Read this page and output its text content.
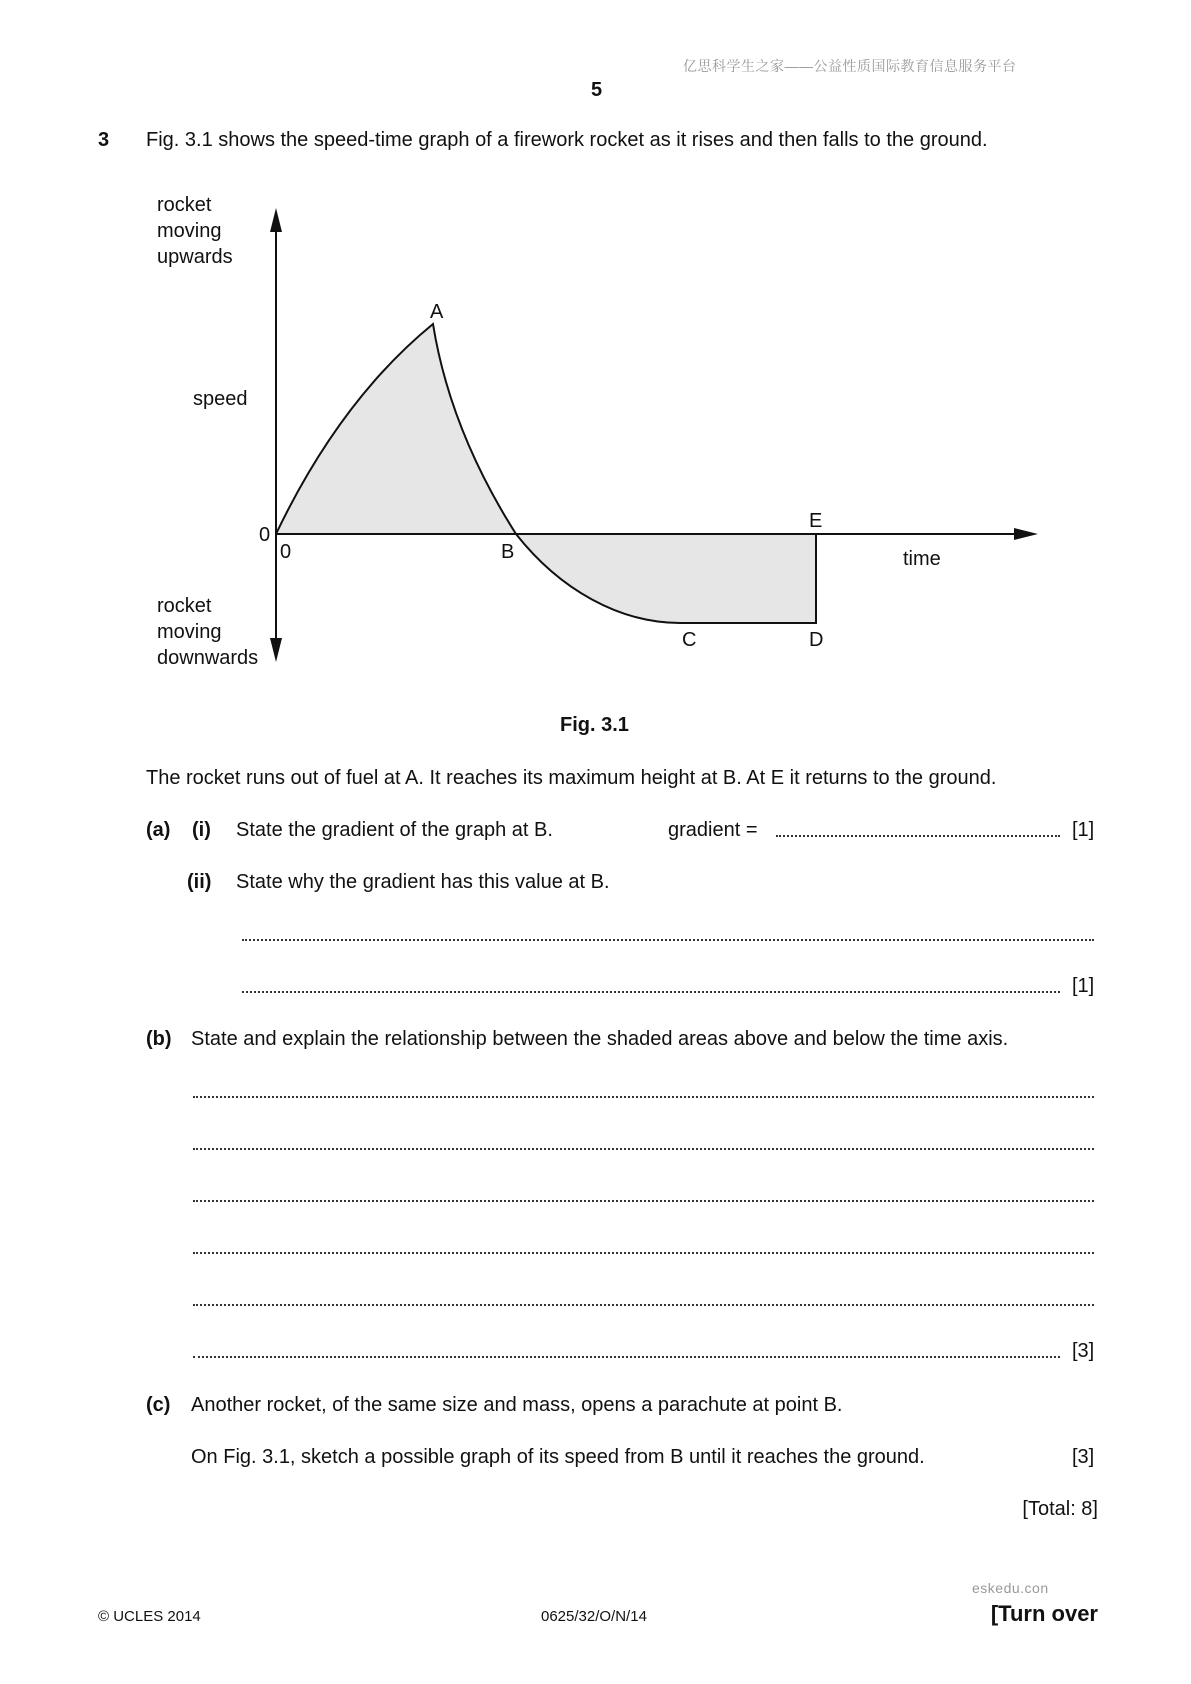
亿思科学生之家——公益性质国际教育信息服务平台
5
3 Fig. 3.1 shows the speed-time graph of a firework rocket as it rises and then falls to the ground.
rocket
moving
upwards
speed
0
0
rocket
moving
downwards
A
B
C	D
E
time
Fig. 3.1
The rocket runs out of fuel at A. It reaches its maximum height at B. At E it returns to the ground.
(a) (i) State the gradient of the graph at B.	gradient =	[1]
(ii) State why the gradient has this value at B.
[1]
(b) State and explain the relationship between the shaded areas above and below the time axis.
[3]
(c) Another rocket, of the same size and mass, opens a parachute at point B.
On Fig. 3.1, sketch a possible graph of its speed from B until it reaches the ground.	[3]
[Total: 8]
eskedu.con
© UCLES 2014	0625/32/O/N/14	[Turn over
